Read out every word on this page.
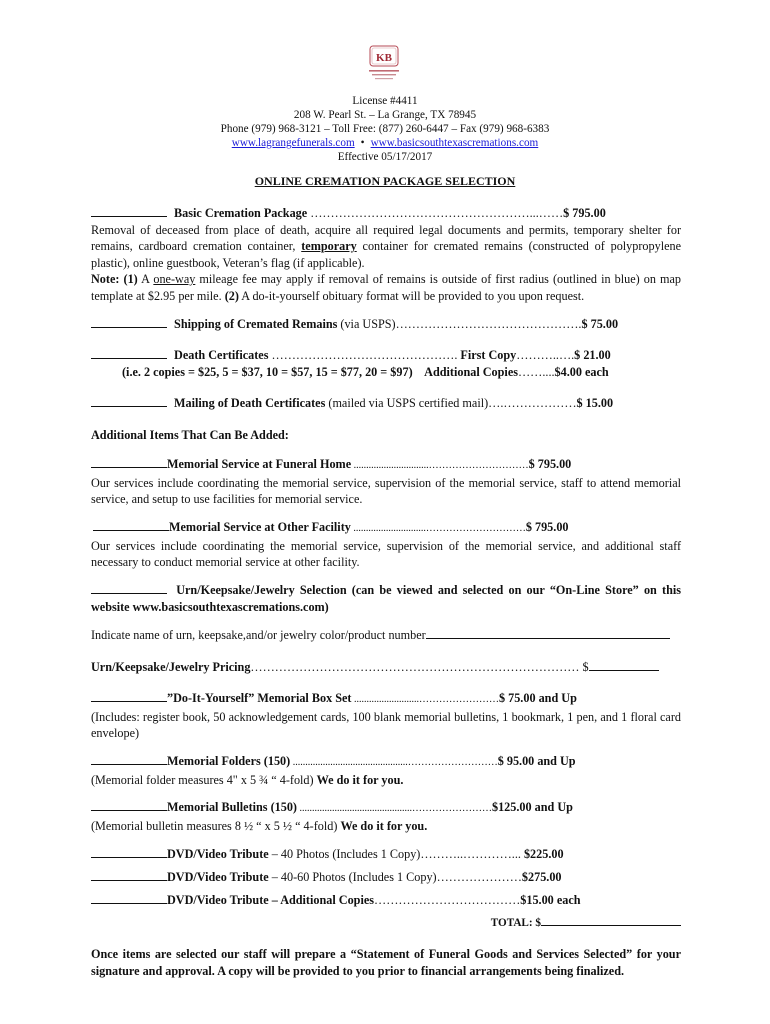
KB
License #4411
208 W. Pearl St. – La Grange, TX 78945
Phone (979) 968-3121 – Toll Free: (877) 260-6447 – Fax (979) 968-6383
www.lagrangefunerals.com • www.basicsouthtexascremations.com
Effective 05/17/2017
ONLINE CREMATION PACKAGE SELECTION
Basic Cremation Package ………………………………………………...……$ 795.00
Removal of deceased from place of death, acquire all required legal documents and permits, temporary shelter for remains, cardboard cremation container, temporary container for cremated remains (constructed of polypropylene plastic), online guestbook, Veteran’s flag (if applicable).
Note: (1) A one-way mileage fee may apply if removal of remains is outside of first radius (outlined in blue) on map template at $2.95 per mile. (2) A do-it-yourself obituary format will be provided to you upon request.
Shipping of Cremated Remains (via USPS)……………………………………….$ 75.00
Death Certificates ………………………………………. First Copy………..….$ 21.00
(i.e. 2 copies = $25, 5 = $37, 10 = $57, 15 = $77, 20 = $97) Additional Copies……....$4.00 each
Mailing of Death Certificates (mailed via USPS certified mail)….………………$ 15.00
Additional Items That Can Be Added:
Memorial Service at Funeral Home ..............................…………………………$ 795.00
Our services include coordinating the memorial service, supervision of the memorial service, staff to attend memorial service, and setup to use facilities for memorial service.
Memorial Service at Other Facility .............................…………………………$ 795.00
Our services include coordinating the memorial service, supervision of the memorial service, and additional staff necessary to conduct memorial service at other facility.
Urn/Keepsake/Jewelry Selection (can be viewed and selected on our “On-Line Store” on this website www.basicsouthtexascremations.com)
Indicate name of urn, keepsake,and/or jewelry color/product number
Urn/Keepsake/Jewelry Pricing……………………………………………………………………… $
”Do-It-Yourself” Memorial Box Set ..........................……………………$ 75.00 and Up
(Includes: register book, 50 acknowledgement cards, 100 blank memorial bulletins, 1 bookmark, 1 pen, and 1 floral card envelope)
Memorial Folders (150) ..............................................………………………$ 95.00 and Up
(Memorial folder measures 4" x 5 ¾ “ 4-fold) We do it for you.
Memorial Bulletins (150) .............................................……………………$125.00 and Up
(Memorial bulletin measures 8 ½ “ x 5 ½ “ 4-fold) We do it for you.
DVD/Video Tribute – 40 Photos (Includes 1 Copy)………..…………... $225.00
DVD/Video Tribute – 40-60 Photos (Includes 1 Copy)…………………$275.00
DVD/Video Tribute – Additional Copies………………………………$15.00 each
TOTAL: $
Once items are selected our staff will prepare a “Statement of Funeral Goods and Services Selected” for your signature and approval. A copy will be provided to you prior to financial arrangements being finalized.
